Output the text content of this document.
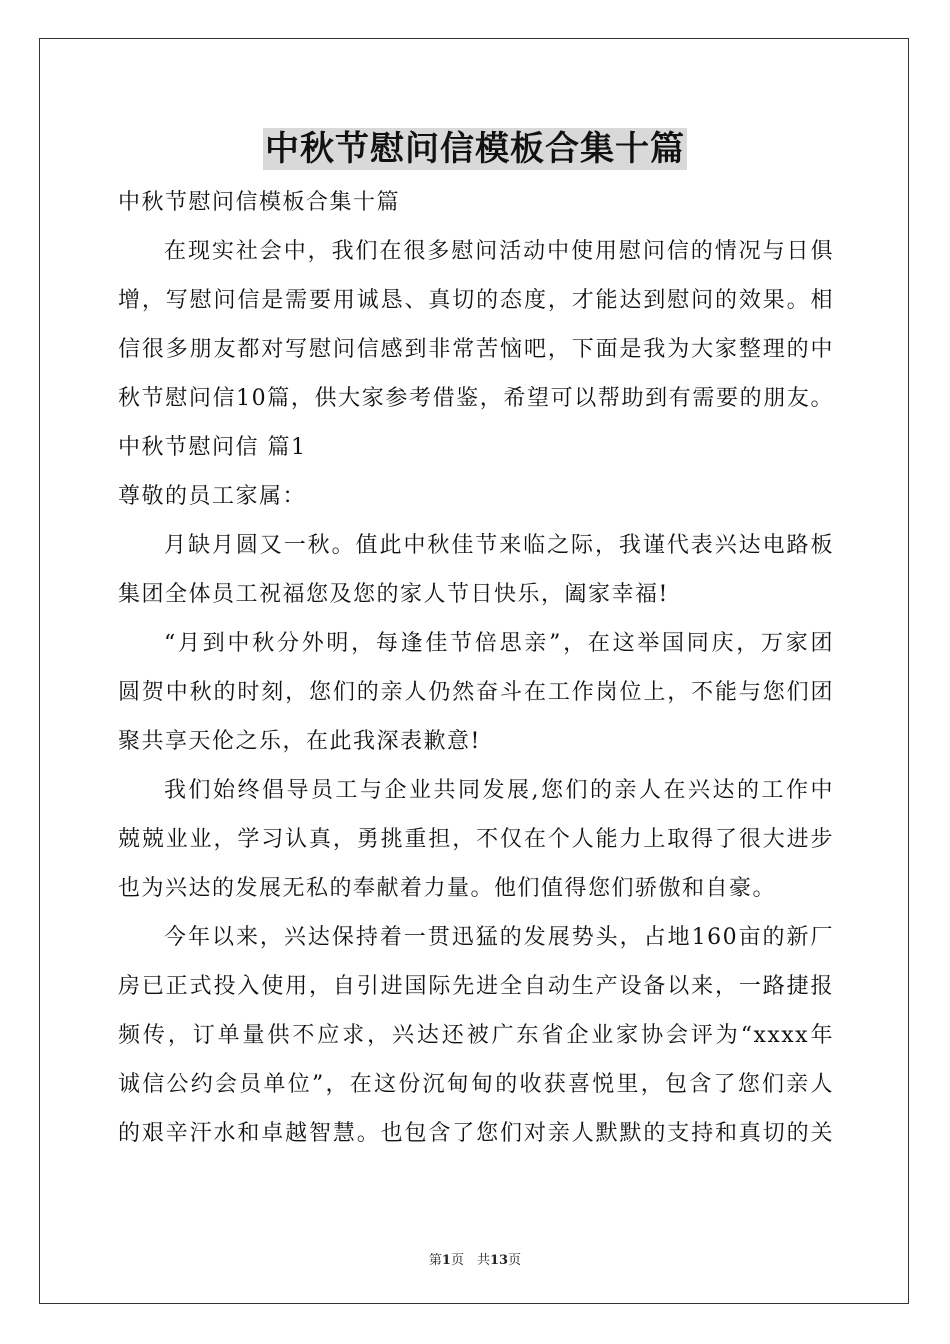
中秋节慰问信模板合集十篇
中秋节慰问信模板合集十篇
在现实社会中，我们在很多慰问活动中使用慰问信的情况与日俱
增，写慰问信是需要用诚恳、真切的态度，才能达到慰问的效果。相
信很多朋友都对写慰问信感到非常苦恼吧，下面是我为大家整理的中
秋节慰问信10篇，供大家参考借鉴，希望可以帮助到有需要的朋友。
中秋节慰问信 篇1
尊敬的员工家属：
月缺月圆又一秋。值此中秋佳节来临之际，我谨代表兴达电路板
集团全体员工祝福您及您的家人节日快乐，阖家幸福!
“月到中秋分外明，每逢佳节倍思亲”，在这举国同庆，万家团
圆贺中秋的时刻，您们的亲人仍然奋斗在工作岗位上，不能与您们团
聚共享天伦之乐，在此我深表歉意!
我们始终倡导员工与企业共同发展,您们的亲人在兴达的工作中
兢兢业业，学习认真，勇挑重担，不仅在个人能力上取得了很大进步
也为兴达的发展无私的奉献着力量。他们值得您们骄傲和自豪。
今年以来，兴达保持着一贯迅猛的发展势头，占地160亩的新厂
房已正式投入使用，自引进国际先进全自动生产设备以来，一路捷报
频传，订单量供不应求，兴达还被广东省企业家协会评为“xxxx年
诚信公约会员单位”，在这份沉甸甸的收获喜悦里，包含了您们亲人
的艰辛汗水和卓越智慧。也包含了您们对亲人默默的支持和真切的关
第1页　共13页
